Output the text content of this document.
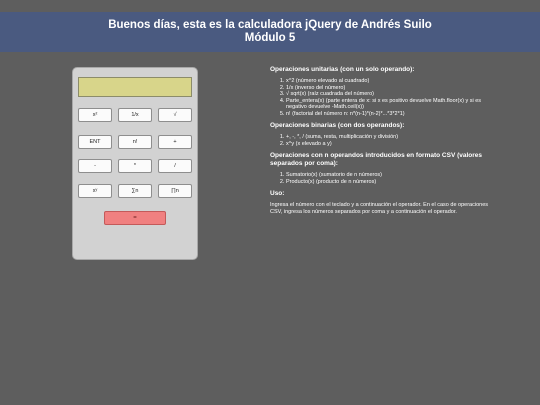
Buenos días, esta es la calculadora jQuery de Andrés Suilo
Módulo 5
x²	1/x	√
ENT	n!	+
-	*	/
xʸ	∑n	∏n
=
Operaciones unitarias (con un solo operando):
1. x^2 (número elevado al cuadrado)
2. 1/x (inverso del número)
3. √ sqrt(x) (raíz cuadrada del número)
4. Parte_entera(x) (parte entera de x: si x es positivo devuelve Math.floor(x) y si es negativo devuelve -Math.ceil(x))
5. n! (factorial del número n: n*(n-1)*(n-2)*...*3*2*1)
Operaciones binarias (con dos operandos):
1. +, -, *, / (suma, resta, multiplicación y división)
2. x^y (x elevado a y)
Operaciones con n operandos introducidos en formato CSV (valores separados por coma):
1. Sumatorio(x) (sumatorio de n números)
2. Producto(x) (producto de n números)
Uso:

Ingresa el número con el teclado y a continuación el operador. En el caso de operaciones CSV, ingresa los números separados por coma y a continuación el operador.
